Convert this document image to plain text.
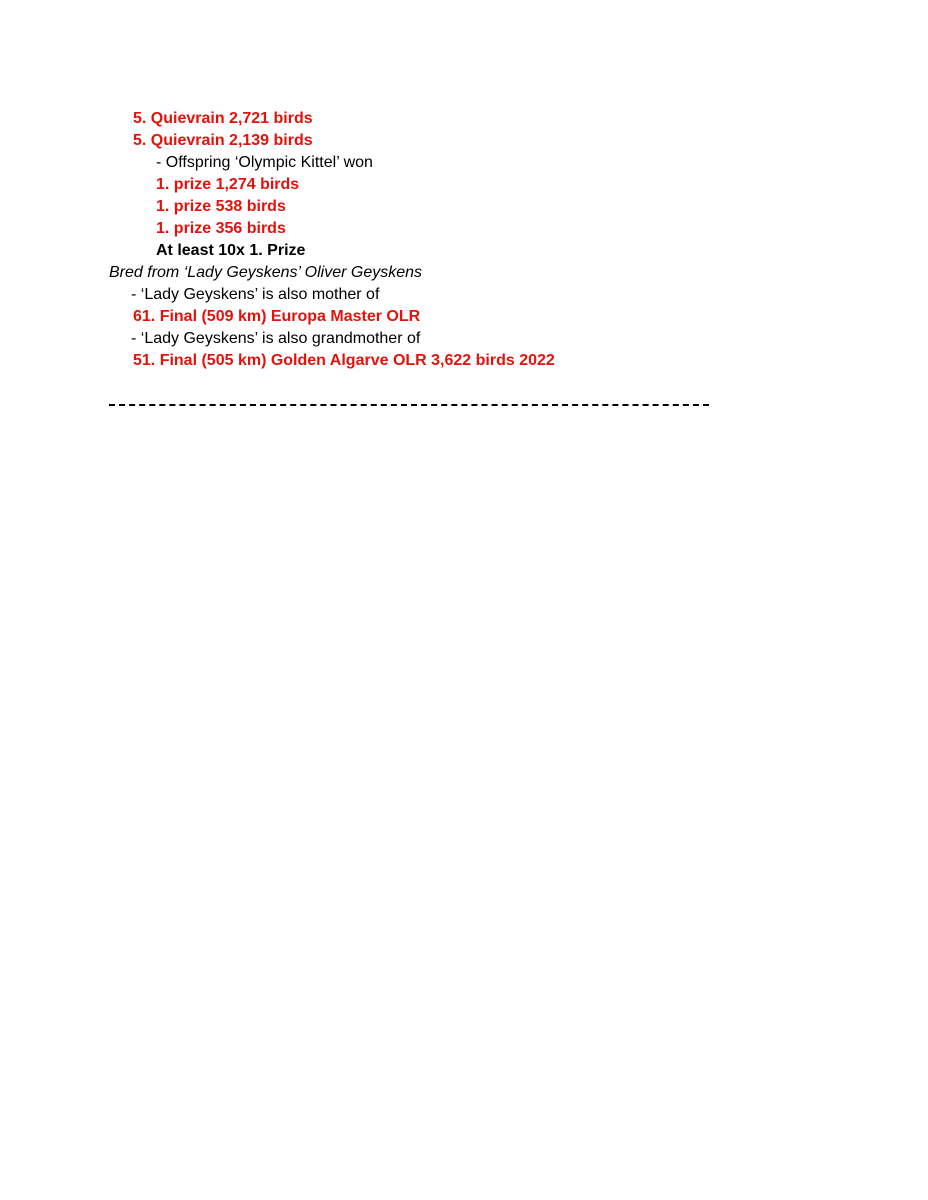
5. Quievrain 2,721 birds
5. Quievrain 2,139 birds
- Offspring ‘Olympic Kittel’ won
1. prize 1,274 birds
1. prize 538 birds
1. prize 356 birds
At least 10x 1. Prize
Bred from ‘Lady Geyskens’ Oliver Geyskens
- ‘Lady Geyskens’ is also mother of
61. Final (509 km) Europa Master OLR
- ‘Lady Geyskens’ is also grandmother of
51. Final (505 km) Golden Algarve OLR 3,622 birds 2022
